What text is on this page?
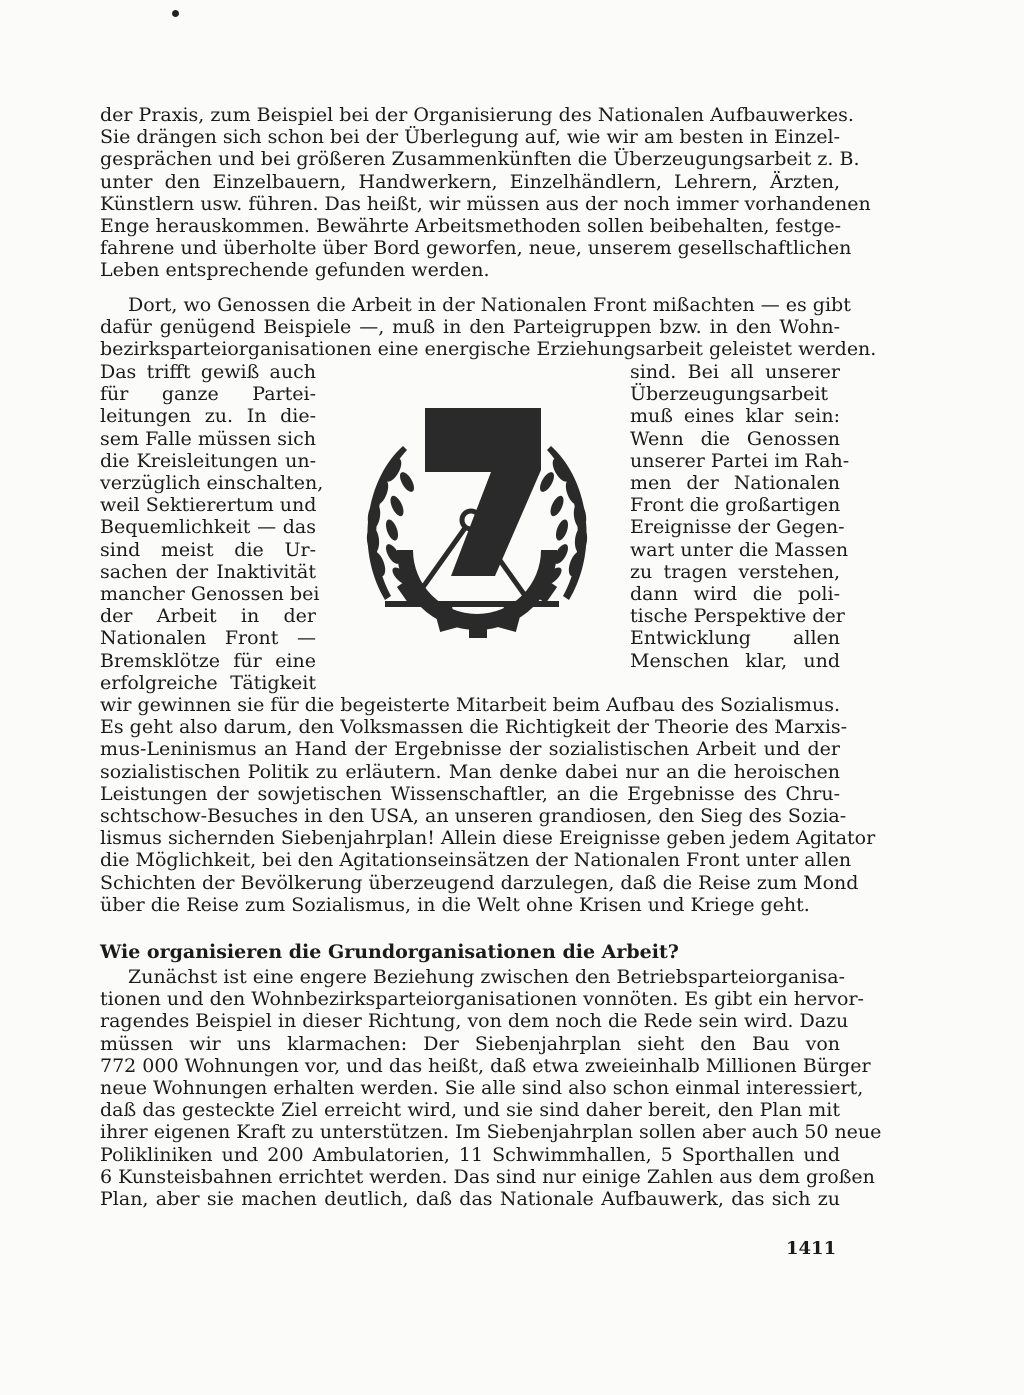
der Praxis, zum Beispiel bei der Organisierung des Nationalen Aufbauwerkes.
Sie drängen sich schon bei der Überlegung auf, wie wir am besten in Einzel-
gesprächen und bei größeren Zusammenkünften die Überzeugungsarbeit z. B.
unter den Einzelbauern, Handwerkern, Einzelhändlern, Lehrern, Ärzten,
Künstlern usw. führen. Das heißt, wir müssen aus der noch immer vorhandenen
Enge herauskommen. Bewährte Arbeitsmethoden sollen beibehalten, festge-
fahrene und überholte über Bord geworfen, neue, unserem gesellschaftlichen
Leben entsprechende gefunden werden.
Dort, wo Genossen die Arbeit in der Nationalen Front mißachten — es gibt
dafür genügend Beispiele —, muß in den Parteigruppen bzw. in den Wohn-
bezirksparteiorganisationen eine energische Erziehungsarbeit geleistet werden.
Das trifft gewiß auch
für ganze Partei-
leitungen zu. In die-
sem Falle müssen sich
die Kreisleitungen un-
verzüglich einschalten,
weil Sektierertum und
Bequemlichkeit — das
sind meist die Ur-
sachen der Inaktivität
mancher Genossen bei
der Arbeit in der
Nationalen Front —
Bremsklötze für eine
erfolgreiche Tätigkeit
sind. Bei all unserer
Überzeugungsarbeit
muß eines klar sein:
Wenn die Genossen
unserer Partei im Rah-
men der Nationalen
Front die großartigen
Ereignisse der Gegen-
wart unter die Massen
zu tragen verstehen,
dann wird die poli-
tische Perspektive der
Entwicklung allen
Menschen klar, und
wir gewinnen sie für die begeisterte Mitarbeit beim Aufbau des Sozialismus.
Es geht also darum, den Volksmassen die Richtigkeit der Theorie des Marxis-
mus-Leninismus an Hand der Ergebnisse der sozialistischen Arbeit und der
sozialistischen Politik zu erläutern. Man denke dabei nur an die heroischen
Leistungen der sowjetischen Wissenschaftler, an die Ergebnisse des Chru-
schtschow-Besuches in den USA, an unseren grandiosen, den Sieg des Sozia-
lismus sichernden Siebenjahrplan! Allein diese Ereignisse geben jedem Agitator
die Möglichkeit, bei den Agitationseinsätzen der Nationalen Front unter allen
Schichten der Bevölkerung überzeugend darzulegen, daß die Reise zum Mond
über die Reise zum Sozialismus, in die Welt ohne Krisen und Kriege geht.
Wie organisieren die Grundorganisationen die Arbeit?
Zunächst ist eine engere Beziehung zwischen den Betriebsparteiorganisa-
tionen und den Wohnbezirksparteiorganisationen vonnöten. Es gibt ein hervor-
ragendes Beispiel in dieser Richtung, von dem noch die Rede sein wird. Dazu
müssen wir uns klarmachen: Der Siebenjahrplan sieht den Bau von
772 000 Wohnungen vor, und das heißt, daß etwa zweieinhalb Millionen Bürger
neue Wohnungen erhalten werden. Sie alle sind also schon einmal interessiert,
daß das gesteckte Ziel erreicht wird, und sie sind daher bereit, den Plan mit
ihrer eigenen Kraft zu unterstützen. Im Siebenjahrplan sollen aber auch 50 neue
Polikliniken und 200 Ambulatorien, 11 Schwimmhallen, 5 Sporthallen und
6 Kunsteisbahnen errichtet werden. Das sind nur einige Zahlen aus dem großen
Plan, aber sie machen deutlich, daß das Nationale Aufbauwerk, das sich zu
1411
